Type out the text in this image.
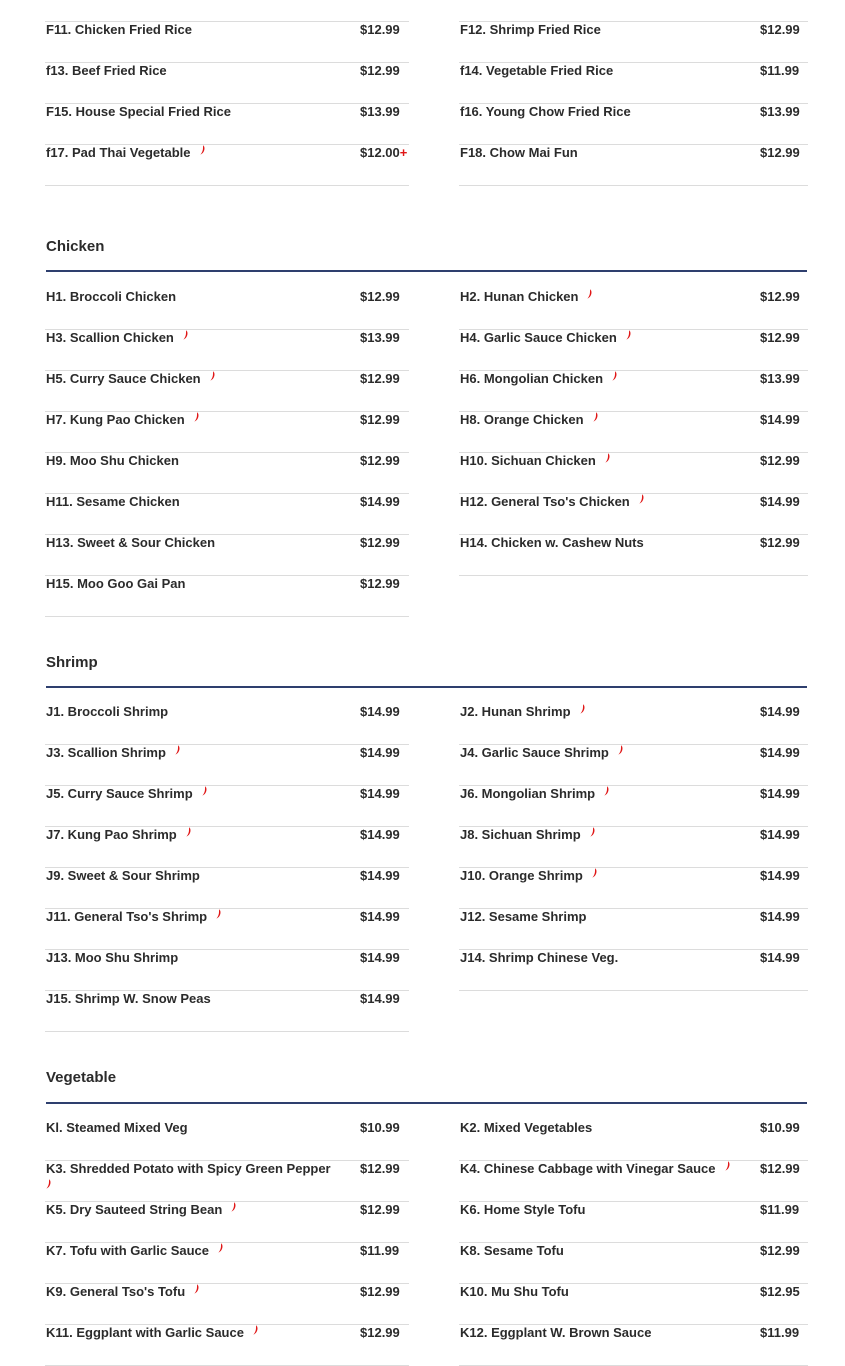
F11. Chicken Fried Rice	$12.99
f13. Beef Fried Rice	$12.99
F15. House Special Fried Rice	$13.99
f17. Pad Thai Vegetable	$12.00+
F12. Shrimp Fried Rice	$12.99
f14. Vegetable Fried Rice	$11.99
f16. Young Chow Fried Rice	$13.99
F18. Chow Mai Fun	$12.99
Chicken
H1. Broccoli Chicken	$12.99
H3. Scallion Chicken	$13.99
H5. Curry Sauce Chicken	$12.99
H7. Kung Pao Chicken	$12.99
H9. Moo Shu Chicken	$12.99
H11. Sesame Chicken	$14.99
H13. Sweet & Sour Chicken	$12.99
H15. Moo Goo Gai Pan	$12.99
H2. Hunan Chicken	$12.99
H4. Garlic Sauce Chicken	$12.99
H6. Mongolian Chicken	$13.99
H8. Orange Chicken	$14.99
H10. Sichuan Chicken	$12.99
H12. General Tso's Chicken	$14.99
H14. Chicken w. Cashew Nuts	$12.99
Shrimp
J1. Broccoli Shrimp	$14.99
J3. Scallion Shrimp	$14.99
J5. Curry Sauce Shrimp	$14.99
J7. Kung Pao Shrimp	$14.99
J9. Sweet & Sour Shrimp	$14.99
J11. General Tso's Shrimp	$14.99
J13. Moo Shu Shrimp	$14.99
J15. Shrimp W. Snow Peas	$14.99
J2. Hunan Shrimp	$14.99
J4. Garlic Sauce Shrimp	$14.99
J6. Mongolian Shrimp	$14.99
J8. Sichuan Shrimp	$14.99
J10. Orange Shrimp	$14.99
J12. Sesame Shrimp	$14.99
J14. Shrimp Chinese Veg.	$14.99
Vegetable
Kl. Steamed Mixed Veg	$10.99
K3. Shredded Potato with Spicy Green Pepper $12.99
K5. Dry Sauteed String Bean	$12.99
K7. Tofu with Garlic Sauce	$11.99
K9. General Tso's Tofu	$12.99
K11. Eggplant with Garlic Sauce	$12.99
K2. Mixed Vegetables	$10.99
K4. Chinese Cabbage with Vinegar Sauce	$12.99
K6. Home Style Tofu	$11.99
K8. Sesame Tofu	$12.99
K10. Mu Shu Tofu	$12.95
K12. Eggplant W. Brown Sauce	$11.99
